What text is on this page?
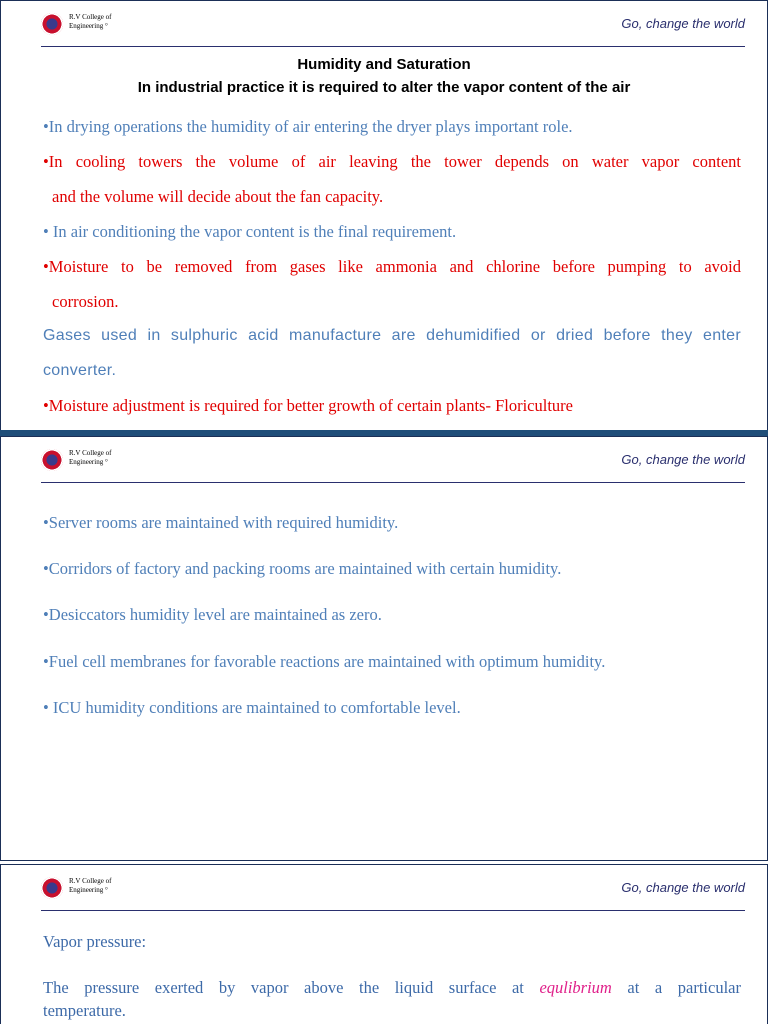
R.V College of
Engineering °	Go, change the world
Humidity and Saturation
In industrial practice it is required to alter the vapor content of the air
•In drying operations the humidity of air entering the dryer plays important role.
•In cooling towers the volume of air leaving the tower depends on water vapor content
and the volume will decide about the fan capacity.
• In air conditioning the vapor content is the final requirement.
•Moisture to be removed from gases like ammonia and chlorine before pumping to avoid
corrosion.
Gases used in sulphuric acid manufacture are dehumidified or dried before they enter
converter.
•Moisture adjustment is required for better growth of certain plants- Floriculture
R.V College of
Engineering °	Go, change the world
•Server rooms are maintained with required humidity.
•Corridors of factory and packing rooms are maintained with certain humidity.
•Desiccators humidity level are maintained as zero.
•Fuel cell membranes for favorable reactions are maintained with optimum humidity.
• ICU humidity conditions are maintained to comfortable level.
R.V College of
Engineering °	Go, change the world
Vapor pressure:
The pressure exerted by vapor above the liquid surface at equlibrium at a particular
temperature.
